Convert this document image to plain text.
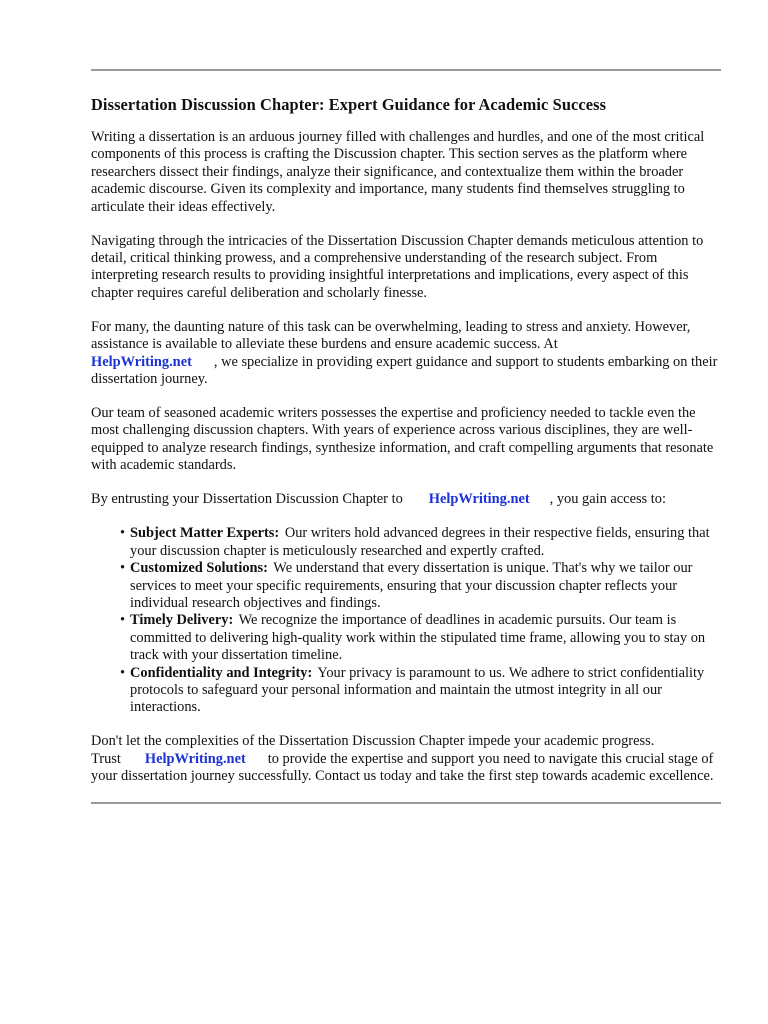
Dissertation Discussion Chapter: Expert Guidance for Academic Success

Writing a dissertation is an arduous journey filled with challenges and hurdles, and one of the most critical components of this process is crafting the Discussion chapter. This section serves as the platform where researchers dissect their findings, analyze their significance, and contextualize them within the broader academic discourse. Given its complexity and importance, many students find themselves struggling to articulate their ideas effectively.

Navigating through the intricacies of the Dissertation Discussion Chapter demands meticulous attention to detail, critical thinking prowess, and a comprehensive understanding of the research subject. From interpreting research results to providing insightful interpretations and implications, every aspect of this chapter requires careful deliberation and scholarly finesse.

For many, the daunting nature of this task can be overwhelming, leading to stress and anxiety. However, assistance is available to alleviate these burdens and ensure academic success. At
HelpWriting.net , we specialize in providing expert guidance and support to students embarking on their dissertation journey.

Our team of seasoned academic writers possesses the expertise and proficiency needed to tackle even the most challenging discussion chapters. With years of experience across various disciplines, they are well-equipped to analyze research findings, synthesize information, and craft compelling arguments that resonate with academic standards.

By entrusting your Dissertation Discussion Chapter to HelpWriting.net , you gain access to:

• Subject Matter Experts: Our writers hold advanced degrees in their respective fields, ensuring that your discussion chapter is meticulously researched and expertly crafted.
• Customized Solutions: We understand that every dissertation is unique. That's why we tailor our services to meet your specific requirements, ensuring that your discussion chapter reflects your individual research objectives and findings.
• Timely Delivery: We recognize the importance of deadlines in academic pursuits. Our team is committed to delivering high-quality work within the stipulated time frame, allowing you to stay on track with your dissertation timeline.
• Confidentiality and Integrity: Your privacy is paramount to us. We adhere to strict confidentiality protocols to safeguard your personal information and maintain the utmost integrity in all our interactions.

Don't let the complexities of the Dissertation Discussion Chapter impede your academic progress.
Trust HelpWriting.net to provide the expertise and support you need to navigate this crucial stage of your dissertation journey successfully. Contact us today and take the first step towards academic excellence.
